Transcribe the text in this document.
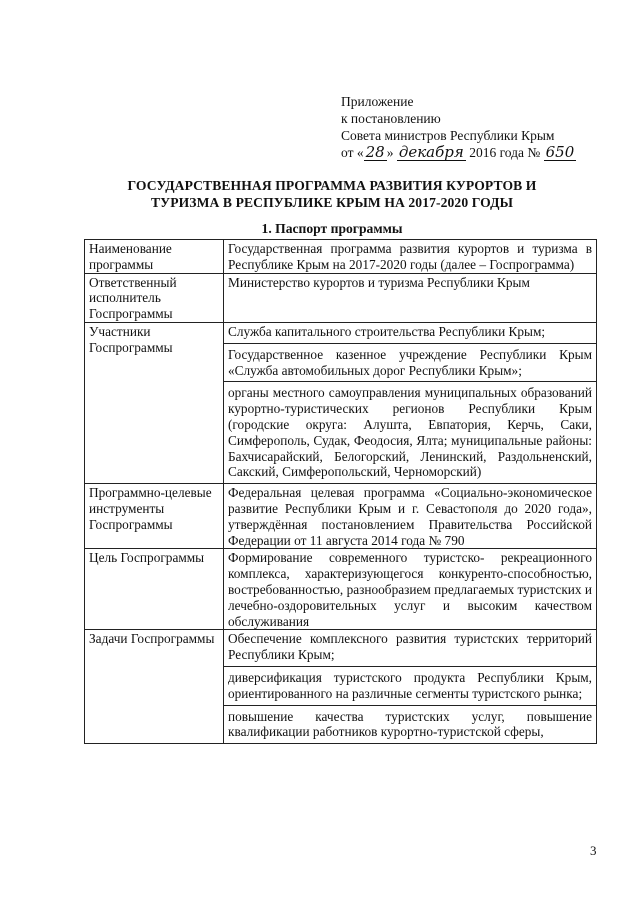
Приложение
к постановлению
Совета министров Республики Крым
от « 28 » декабря 2016 года № 650
ГОСУДАРСТВЕННАЯ ПРОГРАММА РАЗВИТИЯ КУРОРТОВ И ТУРИЗМА В РЕСПУБЛИКЕ КРЫМ НА 2017-2020 ГОДЫ
1. Паспорт программы
Наименование программы	Государственная программа развития курортов и туризма в Республике Крым на 2017-2020 годы (далее – Госпрограмма)
Ответственный исполнитель Госпрограммы	Министерство курортов и туризма Республики Крым
Участники Госпрограммы	Служба капитального строительства Республики Крым;
Государственное казенное учреждение Республики Крым «Служба автомобильных дорог Республики Крым»;
органы местного самоуправления муниципальных образований курортно-туристических регионов Республики Крым (городские округа: Алушта, Евпатория, Керчь, Саки, Симферополь, Судак, Феодосия, Ялта; муниципальные районы: Бахчисарайский, Белогорский, Ленинский, Раздольненский, Сакский, Симферопольский, Черноморский)

Программно-целевые инструменты Госпрограммы	Федеральная целевая программа «Социально-экономическое развитие Республики Крым и г. Севастополя до 2020 года», утверждённая постановлением Правительства Российской Федерации от 11 августа 2014 года № 790
Цель Госпрограммы	Формирование современного туристско- рекреационного комплекса, характеризующегося конкуренто-способностью, востребованностью, разнообразием предлагаемых туристских и лечебно-оздоровительных услуг и высоким качеством обслуживания
Задачи Госпрограммы	Обеспечение комплексного развития туристских территорий Республики Крым;
диверсификация туристского продукта Республики Крым, ориентированного на различные сегменты туристского рынка;
повышение качества туристских услуг, повышение квалификации работников курортно-туристской сферы,
3
